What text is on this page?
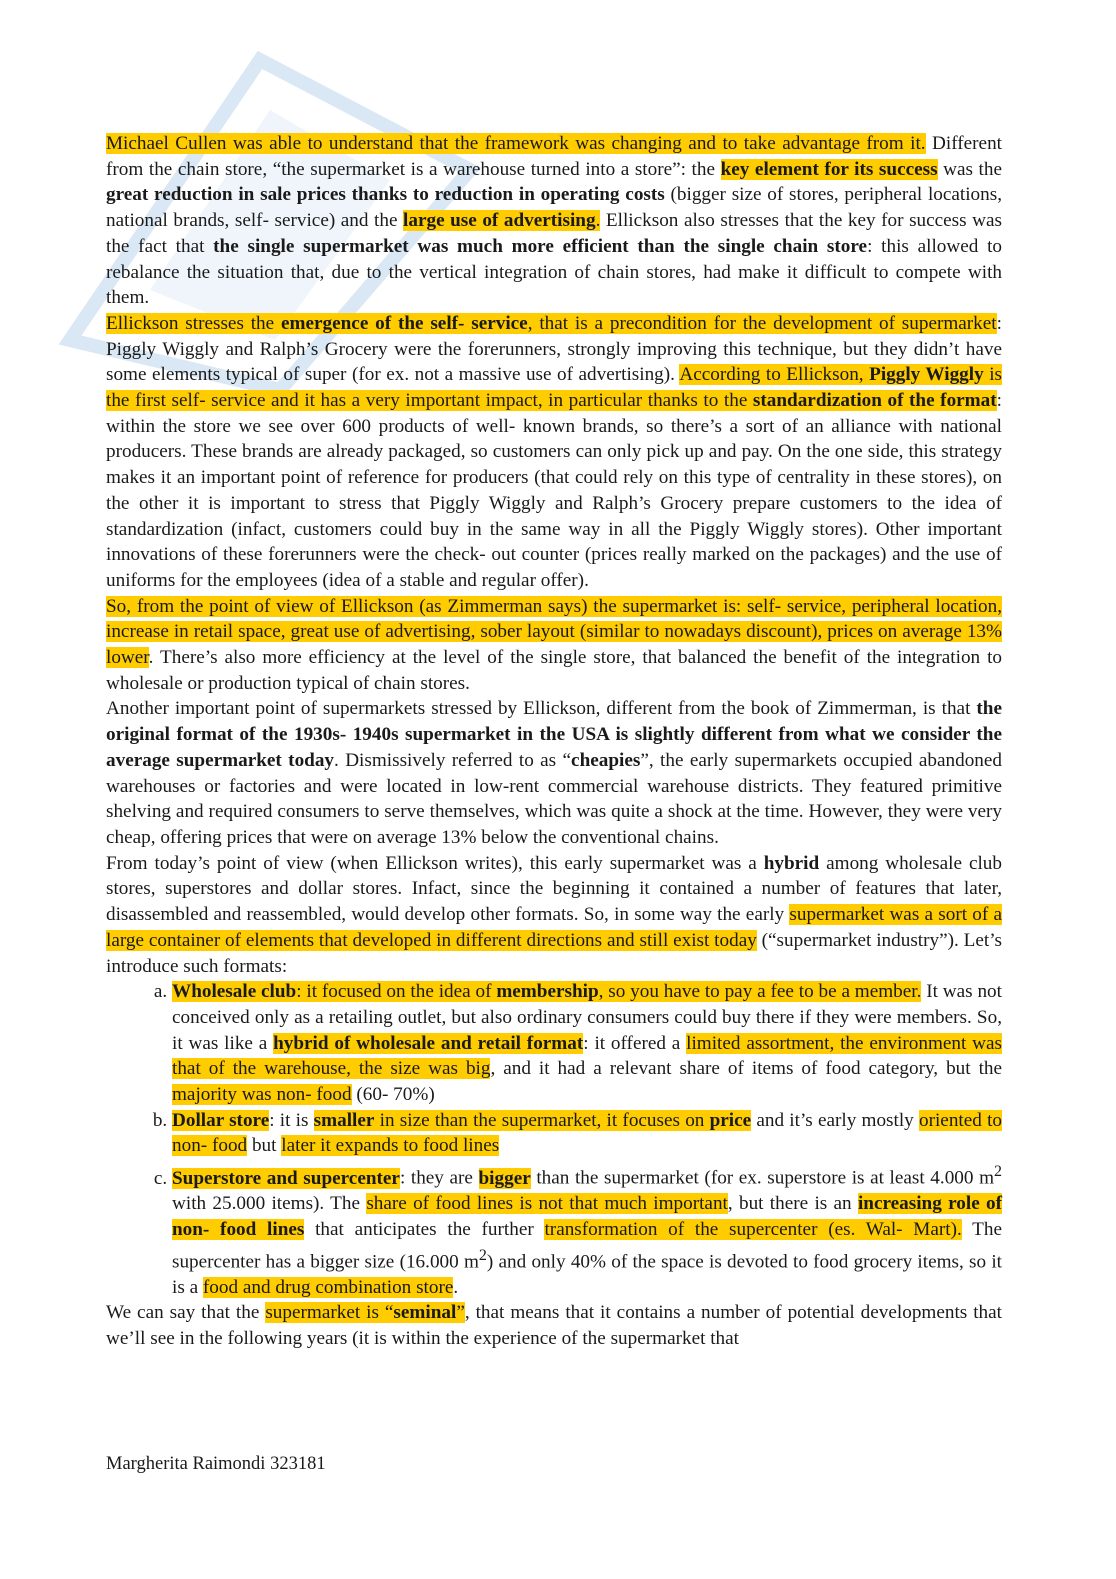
Michael Cullen was able to understand that the framework was changing and to take advantage from it. Different from the chain store, “the supermarket is a warehouse turned into a store”: the key element for its success was the great reduction in sale prices thanks to reduction in operating costs (bigger size of stores, peripheral locations, national brands, self- service) and the large use of advertising. Ellickson also stresses that the key for success was the fact that the single supermarket was much more efficient than the single chain store: this allowed to rebalance the situation that, due to the vertical integration of chain stores, had make it difficult to compete with them.

Ellickson stresses the emergence of the self- service, that is a precondition for the development of supermarket: Piggly Wiggly and Ralph’s Grocery were the forerunners, strongly improving this technique, but they didn’t have some elements typical of super (for ex. not a massive use of advertising). According to Ellickson, Piggly Wiggly is the first self- service and it has a very important impact, in particular thanks to the standardization of the format: within the store we see over 600 products of well- known brands, so there’s a sort of an alliance with national producers. These brands are already packaged, so customers can only pick up and pay. On the one side, this strategy makes it an important point of reference for producers (that could rely on this type of centrality in these stores), on the other it is important to stress that Piggly Wiggly and Ralph’s Grocery prepare customers to the idea of standardization (infact, customers could buy in the same way in all the Piggly Wiggly stores). Other important innovations of these forerunners were the check- out counter (prices really marked on the packages) and the use of uniforms for the employees (idea of a stable and regular offer).

So, from the point of view of Ellickson (as Zimmerman says) the supermarket is: self- service, peripheral location, increase in retail space, great use of advertising, sober layout (similar to nowadays discount), prices on average 13% lower. There’s also more efficiency at the level of the single store, that balanced the benefit of the integration to wholesale or production typical of chain stores.

Another important point of supermarkets stressed by Ellickson, different from the book of Zimmerman, is that the original format of the 1930s- 1940s supermarket in the USA is slightly different from what we consider the average supermarket today. Dismissively referred to as “cheapies”, the early supermarkets occupied abandoned warehouses or factories and were located in low-rent commercial warehouse districts. They featured primitive shelving and required consumers to serve themselves, which was quite a shock at the time. However, they were very cheap, offering prices that were on average 13% below the conventional chains.

From today’s point of view (when Ellickson writes), this early supermarket was a hybrid among wholesale club stores, superstores and dollar stores. Infact, since the beginning it contained a number of features that later, disassembled and reassembled, would develop other formats. So, in some way the early supermarket was a sort of a large container of elements that developed in different directions and still exist today (“supermarket industry”). Let’s introduce such formats:

a. Wholesale club: it focused on the idea of membership, so you have to pay a fee to be a member. It was not conceived only as a retailing outlet, but also ordinary consumers could buy there if they were members. So, it was like a hybrid of wholesale and retail format: it offered a limited assortment, the environment was that of the warehouse, the size was big, and it had a relevant share of items of food category, but the majority was non- food (60- 70%)
b. Dollar store: it is smaller in size than the supermarket, it focuses on price and it’s early mostly oriented to non- food but later it expands to food lines
c. Superstore and supercenter: they are bigger than the supermarket (for ex. superstore is at least 4.000 $m^2$ with 25.000 items). The share of food lines is not that much important, but there is an increasing role of non- food lines that anticipates the further transformation of the supercenter (es. Wal- Mart). The supercenter has a bigger size (16.000 $m^2$) and only 40% of the space is devoted to food grocery items, so it is a food and drug combination store.

We can say that the supermarket is “seminal”, that means that it contains a number of potential developments that we’ll see in the following years (it is within the experience of the supermarket that

Margherita Raimondi 323181
